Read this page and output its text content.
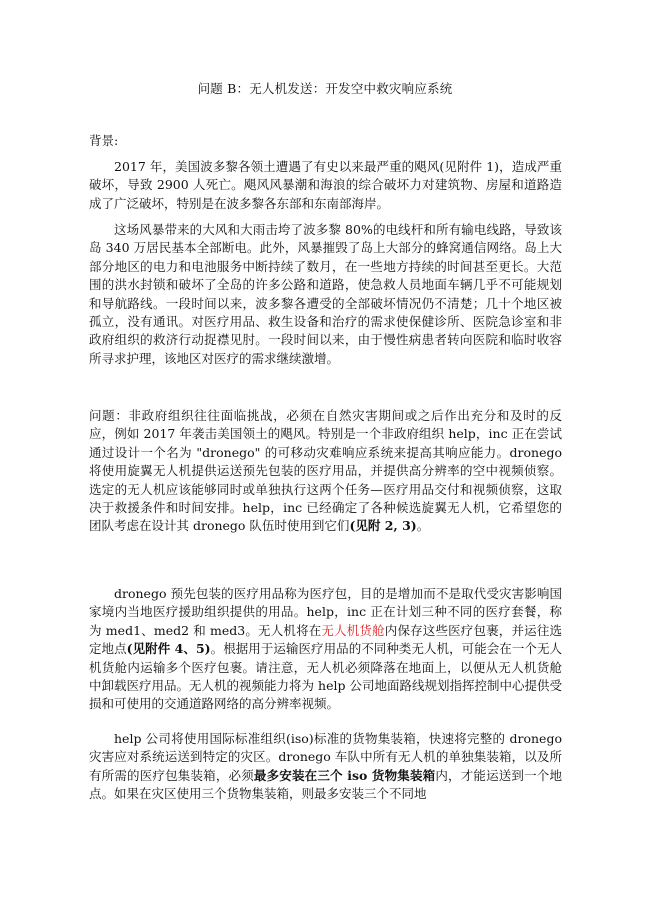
问题 B：无人机发送：开发空中救灾响应系统
背景:

2017 年，美国波多黎各领土遭遇了有史以来最严重的飓风(见附件 1)，造成严重破坏，导致 2900 人死亡。飓风风暴潮和海浪的综合破坏力对建筑物、房屋和道路造成了广泛破坏，特别是在波多黎各东部和东南部海岸。

这场风暴带来的大风和大雨击垮了波多黎 80%的电线杆和所有输电线路，导致该岛 340 万居民基本全部断电。此外，风暴摧毁了岛上大部分的蜂窝通信网络。岛上大部分地区的电力和电池服务中断持续了数月，在一些地方持续的时间甚至更长。大范围的洪水封锁和破坏了全岛的许多公路和道路，使急救人员地面车辆几乎不可能规划和导航路线。一段时间以来，波多黎各遭受的全部破坏情况仍不清楚；几十个地区被孤立，没有通讯。对医疗用品、救生设备和治疗的需求使保健诊所、医院急诊室和非政府组织的救济行动捉襟见肘。一段时间以来，由于慢性病患者转向医院和临时收容所寻求护理，该地区对医疗的需求继续激增。

问题：非政府组织往往面临挑战，必须在自然灾害期间或之后作出充分和及时的反应，例如 2017 年袭击美国领土的飓风。特别是一个非政府组织 help，inc 正在尝试通过设计一个名为 "dronego" 的可移动灾难响应系统来提高其响应能力。dronego 将使用旋翼无人机提供运送预先包装的医疗用品，并提供高分辨率的空中视频侦察。选定的无人机应该能够同时或单独执行这两个任务—医疗用品交付和视频侦察，这取决于救援条件和时间安排。help，inc 已经确定了各种候选旋翼无人机，它希望您的团队考虑在设计其 dronego 队伍时使用到它们(见附 2, 3)。

dronego 预先包装的医疗用品称为医疗包，目的是增加而不是取代受灾害影响国家境内当地医疗援助组织提供的用品。help，inc 正在计划三种不同的医疗套餐，称为 med1、med2 和 med3。无人机将在无人机货舱内保存这些医疗包裹，并运往选定地点(见附件 4、5)。根据用于运输医疗用品的不同种类无人机，可能会在一个无人机货舱内运输多个医疗包裹。请注意，无人机必须降落在地面上，以便从无人机货舱中卸载医疗用品。无人机的视频能力将为 help 公司地面路线规划指挥控制中心提供受损和可使用的交通道路网络的高分辨率视频。

help 公司将使用国际标准组织(iso)标准的货物集装箱，快速将完整的 dronego 灾害应对系统运送到特定的灾区。dronego 车队中所有无人机的单独集装箱，以及所有所需的医疗包集装箱，必须最多安装在三个 iso 货物集装箱内，才能运送到一个地点。如果在灾区使用三个货物集装箱，则最多安装三个不同地
